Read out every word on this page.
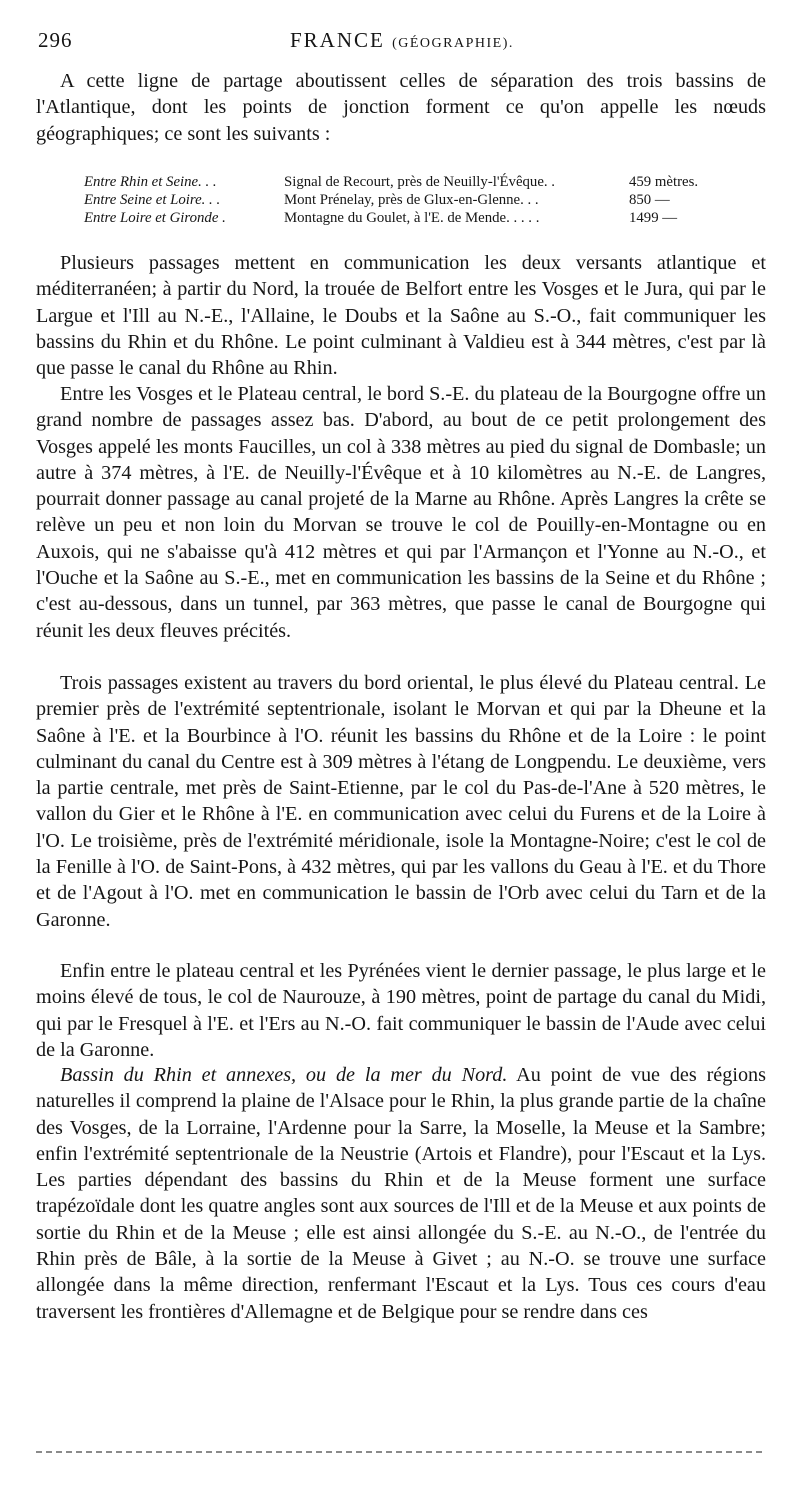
296	FRANCE (GÉOGRAPHIE).

A cette ligne de partage aboutissent celles de séparation des trois bassins de l'Atlantique, dont les points de jonction forment ce qu'on appelle les nœuds géographiques; ce sont les suivants :

Entre Rhin et Seine. . .	Signal de Recourt, près de Neuilly-l'Évêque. .	459 mètres.
Entre Seine et Loire. . .	Mont Prénelay, près de Glux-en-Glenne. . .	850 —
Entre Loire et Gironde .	Montagne du Goulet, à l'E. de Mende. . . . .	1499 —

Plusieurs passages mettent en communication les deux versants atlantique et méditerranéen; à partir du Nord, la trouée de Belfort entre les Vosges et le Jura, qui par le Largue et l'Ill au N.-E., l'Allaine, le Doubs et la Saône au S.-O., fait communiquer les bassins du Rhin et du Rhône. Le point culminant à Valdieu est à 344 mètres, c'est par là que passe le canal du Rhône au Rhin.

Entre les Vosges et le Plateau central, le bord S.-E. du plateau de la Bourgogne offre un grand nombre de passages assez bas. D'abord, au bout de ce petit prolongement des Vosges appelé les monts Faucilles, un col à 338 mètres au pied du signal de Dombasle; un autre à 374 mètres, à l'E. de Neuilly-l'Évêque et à 10 kilomètres au N.-E. de Langres, pourrait donner passage au canal projeté de la Marne au Rhône. Après Langres la crête se relève un peu et non loin du Morvan se trouve le col de Pouilly-en-Montagne ou en Auxois, qui ne s'abaisse qu'à 412 mètres et qui par l'Armançon et l'Yonne au N.-O., et l'Ouche et la Saône au S.-E., met en communication les bassins de la Seine et du Rhône ; c'est au-dessous, dans un tunnel, par 363 mètres, que passe le canal de Bourgogne qui réunit les deux fleuves précités.

Trois passages existent au travers du bord oriental, le plus élevé du Plateau central. Le premier près de l'extrémité septentrionale, isolant le Morvan et qui par la Dheune et la Saône à l'E. et la Bourbince à l'O. réunit les bassins du Rhône et de la Loire : le point culminant du canal du Centre est à 309 mètres à l'étang de Longpendu. Le deuxième, vers la partie centrale, met près de Saint-Etienne, par le col du Pas-de-l'Ane à 520 mètres, le vallon du Gier et le Rhône à l'E. en communication avec celui du Furens et de la Loire à l'O. Le troisième, près de l'extrémité méridionale, isole la Montagne-Noire; c'est le col de la Fenille à l'O. de Saint-Pons, à 432 mètres, qui par les vallons du Geau à l'E. et du Thore et de l'Agout à l'O. met en communication le bassin de l'Orb avec celui du Tarn et de la Garonne.

Enfin entre le plateau central et les Pyrénées vient le dernier passage, le plus large et le moins élevé de tous, le col de Naurouze, à 190 mètres, point de partage du canal du Midi, qui par le Fresquel à l'E. et l'Ers au N.-O. fait communiquer le bassin de l'Aude avec celui de la Garonne.

Bassin du Rhin et annexes, ou de la mer du Nord. Au point de vue des régions naturelles il comprend la plaine de l'Alsace pour le Rhin, la plus grande partie de la chaîne des Vosges, de la Lorraine, l'Ardenne pour la Sarre, la Moselle, la Meuse et la Sambre; enfin l'extrémité septentrionale de la Neustrie (Artois et Flandre), pour l'Escaut et la Lys. Les parties dépendant des bassins du Rhin et de la Meuse forment une surface trapézoïdale dont les quatre angles sont aux sources de l'Ill et de la Meuse et aux points de sortie du Rhin et de la Meuse ; elle est ainsi allongée du S.-E. au N.-O., de l'entrée du Rhin près de Bâle, à la sortie de la Meuse à Givet ; au N.-O. se trouve une surface allongée dans la même direction, renfermant l'Escaut et la Lys. Tous ces cours d'eau traversent les frontières d'Allemagne et de Belgique pour se rendre dans ces
